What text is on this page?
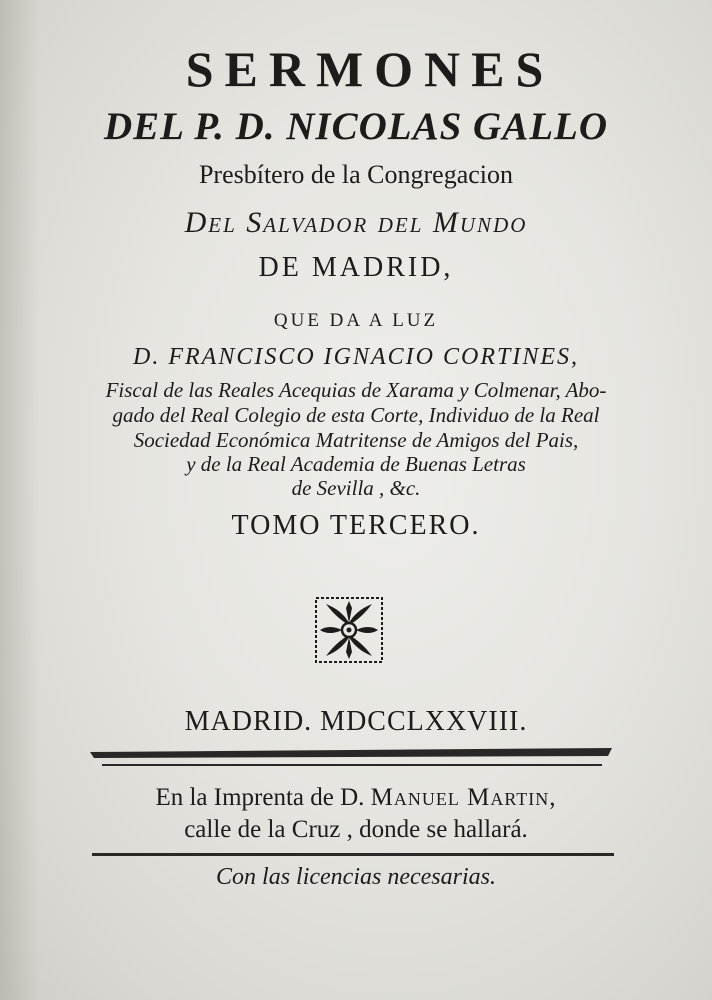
SERMONES
DEL P. D. NICOLAS GALLO
Presbítero de la Congregacion
Del Salvador del Mundo
DE MADRID,
QUE DA A LUZ
D. FRANCISCO IGNACIO CORTINES,
Fiscal de las Reales Acequias de Xarama y Colmenar, Abo-
gado del Real Colegio de esta Corte, Individuo de la Real
Sociedad Económica Matritense de Amigos del Pais,
y de la Real Academia de Buenas Letras
de Sevilla , &c.
TOMO TERCERO.
MADRID. MDCCLXXVIII.
En la Imprenta de D. Manuel Martin,
calle de la Cruz , donde se hallará.
Con las licencias necesarias.
